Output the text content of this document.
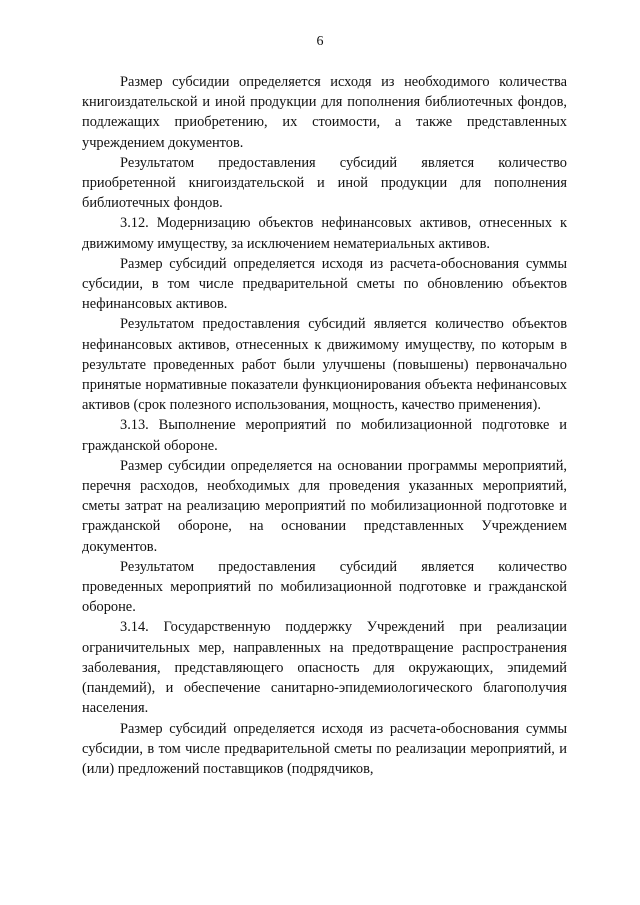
6

Размер субсидии определяется исходя из необходимого количества книгоиздательской и иной продукции для пополнения библиотечных фондов, подлежащих приобретению, их стоимости, а также представленных учреждением документов.

Результатом предоставления субсидий является количество приобретенной книгоиздательской и иной продукции для пополнения библиотечных фондов.

3.12. Модернизацию объектов нефинансовых активов, отнесенных к движимому имуществу, за исключением нематериальных активов.

Размер субсидий определяется исходя из расчета-обоснования суммы субсидии, в том числе предварительной сметы по обновлению объектов нефинансовых активов.

Результатом предоставления субсидий является количество объектов нефинансовых активов, отнесенных к движимому имуществу, по которым в результате проведенных работ были улучшены (повышены) первоначально принятые нормативные показатели функционирования объекта нефинансовых активов (срок полезного использования, мощность, качество применения).

3.13. Выполнение мероприятий по мобилизационной подготовке и гражданской обороне.

Размер субсидии определяется на основании программы мероприятий, перечня расходов, необходимых для проведения указанных мероприятий, сметы затрат на реализацию мероприятий по мобилизационной подготовке и гражданской обороне, на основании представленных Учреждением документов.

Результатом предоставления субсидий является количество проведенных мероприятий по мобилизационной подготовке и гражданской обороне.

3.14. Государственную поддержку Учреждений при реализации ограничительных мер, направленных на предотвращение распространения заболевания, представляющего опасность для окружающих, эпидемий (пандемий), и обеспечение санитарно-эпидемиологического благополучия населения.

Размер субсидий определяется исходя из расчета-обоснования суммы субсидии, в том числе предварительной сметы по реализации мероприятий, и (или) предложений поставщиков (подрядчиков,
